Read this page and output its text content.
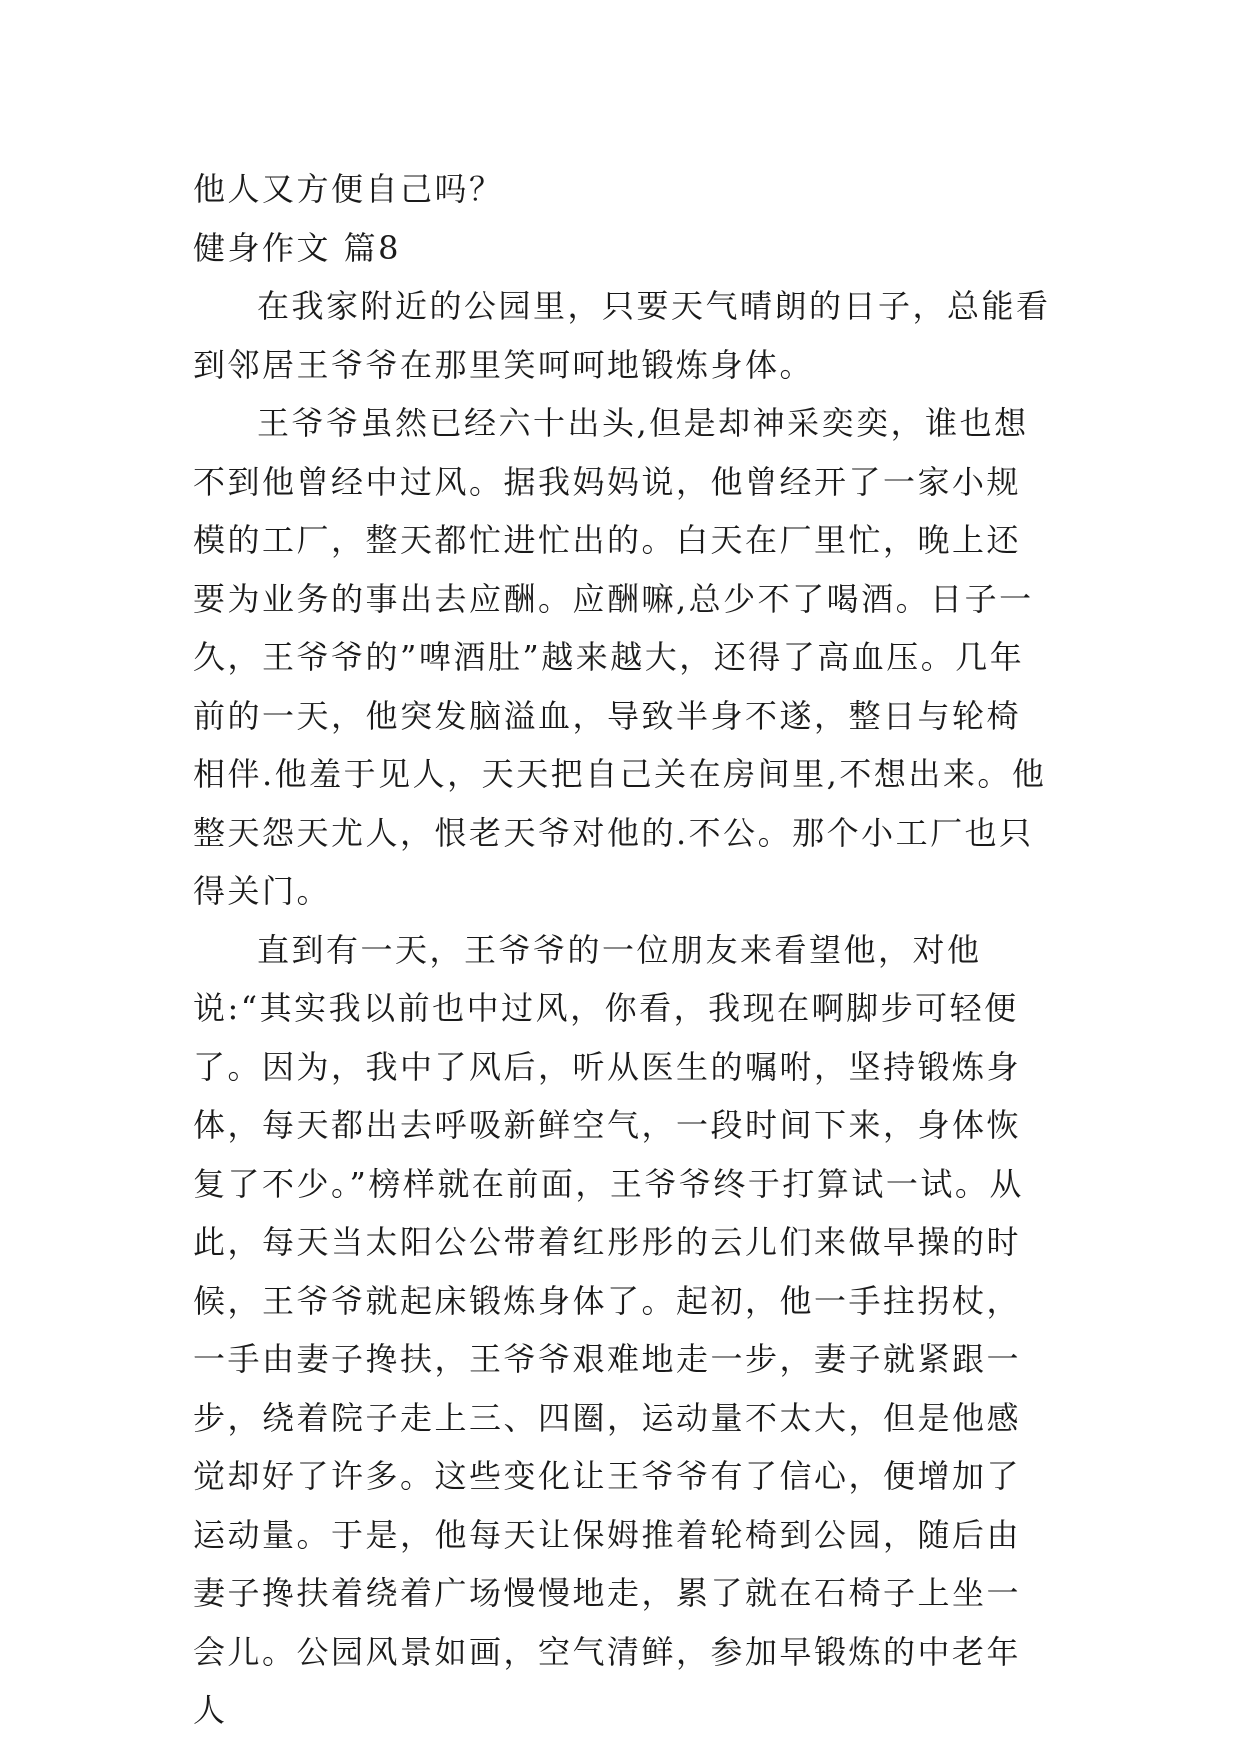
他人又方便自己吗？

健身作文 篇8

在我家附近的公园里，只要天气晴朗的日子，总能看到邻居王爷爷在那里笑呵呵地锻炼身体。

王爷爷虽然已经六十出头,但是却神采奕奕，谁也想不到他曾经中过风。据我妈妈说，他曾经开了一家小规模的工厂，整天都忙进忙出的。白天在厂里忙，晚上还要为业务的事出去应酬。应酬嘛,总少不了喝酒。日子一久，王爷爷的”啤酒肚”越来越大，还得了高血压。几年前的一天，他突发脑溢血，导致半身不遂，整日与轮椅相伴.他羞于见人，天天把自己关在房间里,不想出来。他整天怨天尤人，恨老天爷对他的.不公。那个小工厂也只得关门。

直到有一天，王爷爷的一位朋友来看望他，对他说:“其实我以前也中过风，你看，我现在啊脚步可轻便了。因为，我中了风后，听从医生的嘱咐，坚持锻炼身体，每天都出去呼吸新鲜空气，一段时间下来，身体恢复了不少。”榜样就在前面，王爷爷终于打算试一试。从此，每天当太阳公公带着红彤彤的云儿们来做早操的时候，王爷爷就起床锻炼身体了。起初，他一手拄拐杖，一手由妻子搀扶，王爷爷艰难地走一步，妻子就紧跟一步，绕着院子走上三、四圈，运动量不太大，但是他感觉却好了许多。这些变化让王爷爷有了信心，便增加了运动量。于是，他每天让保姆推着轮椅到公园，随后由妻子搀扶着绕着广场慢慢地走，累了就在石椅子上坐一会儿。公园风景如画，空气清鲜，参加早锻炼的中老年人
